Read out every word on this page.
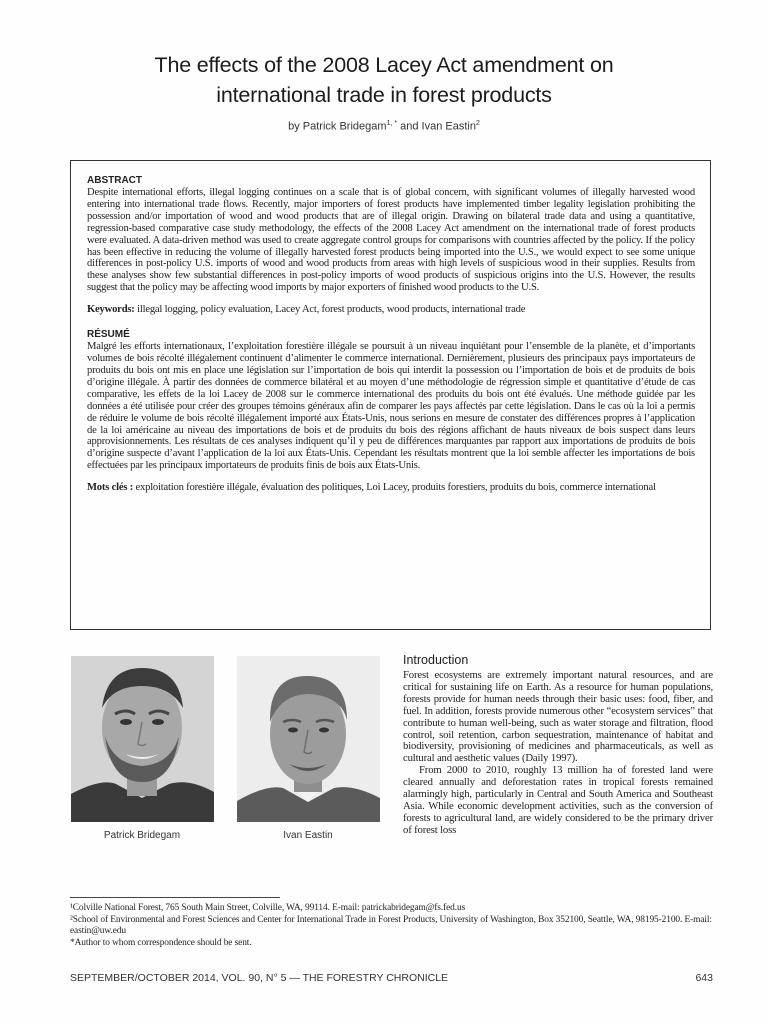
The effects of the 2008 Lacey Act amendment on
international trade in forest products
by Patrick Bridegam$^{1, *}$ and Ivan Eastin$^2$
ABSTRACT

Despite international efforts, illegal logging continues on a scale that is of global concern, with significant volumes of illegally harvested wood entering into international trade flows. Recently, major importers of forest products have implemented timber legality legislation prohibiting the possession and/or importation of wood and wood products that are of illegal origin. Drawing on bilateral trade data and using a quantitative, regression-based comparative case study methodology, the effects of the 2008 Lacey Act amendment on the international trade of forest products were evaluated. A data-driven method was used to create aggregate control groups for comparisons with countries affected by the policy. If the policy has been effective in reducing the volume of illegally harvested forest products being imported into the U.S., we would expect to see some unique differences in post-policy U.S. imports of wood and wood products from areas with high levels of suspicious wood in their supplies. Results from these analyses show few substantial differences in post-policy imports of wood products of suspicious origins into the U.S. However, the results suggest that the policy may be affecting wood imports by major exporters of finished wood products to the U.S.

Keywords: illegal logging, policy evaluation, Lacey Act, forest products, wood products, international trade
RÉSUMÉ

Malgré les efforts internationaux, l’exploitation forestière illégale se poursuit à un niveau inquiétant pour l’ensemble de la planète, et d’importants volumes de bois récolté illégalement continuent d’alimenter le commerce international. Dernièrement, plusieurs des principaux pays importateurs de produits du bois ont mis en place une législation sur l’importation de bois qui interdit la possession ou l’importation de bois et de produits de bois d’origine illégale. À partir des données de commerce bilatéral et au moyen d’une méthodologie de régression simple et quantitative d’étude de cas comparative, les effets de la loi Lacey de 2008 sur le commerce international des produits du bois ont été évalués. Une méthode guidée par les données a été utilisée pour créer des groupes témoins généraux afin de comparer les pays affectés par cette législation. Dans le cas où la loi a permis de réduire le volume de bois récolté illégalement importé aux États-Unis, nous serions en mesure de constater des différences propres à l’application de la loi américaine au niveau des importations de bois et de produits du bois des régions affichant de hauts niveaux de bois suspect dans leurs approvisionnements. Les résultats de ces analyses indiquent qu’il y peu de différences marquantes par rapport aux importations de produits de bois d’origine suspecte d’avant l’application de la loi aux États-Unis. Cependant les résultats montrent que la loi semble affecter les importations de bois effectuées par les principaux importateurs de produits finis de bois aux États-Unis.

Mots clés : exploitation forestière illégale, évaluation des politiques, Loi Lacey, produits forestiers, produits du bois, commerce international
Patrick Bridegam	Ivan Eastin
Introduction

Forest ecosystems are extremely important natural resources, and are critical for sustaining life on Earth. As a resource for human populations, forests provide for human needs through their basic uses: food, fiber, and fuel. In addition, forests provide numerous other “ecosystem services” that contribute to human well-being, such as water storage and filtration, flood control, soil retention, carbon sequestration, maintenance of habitat and biodiversity, provisioning of medicines and pharmaceuticals, as well as cultural and aesthetic values (Daily 1997).

From 2000 to 2010, roughly 13 million ha of forested land were cleared annually and deforestation rates in tropical forests remained alarmingly high, particularly in Central and South America and Southeast Asia. While economic development activities, such as the conversion of forests to agricultural land, are widely considered to be the primary driver of forest loss

¹Colville National Forest, 765 South Main Street, Colville, WA, 99114. E-mail: patrickabridegam@fs.fed.us
²School of Environmental and Forest Sciences and Center for International Trade in Forest Products, University of Washington, Box 352100, Seattle, WA, 98195-2100. E-mail: eastin@uw.edu
*Author to whom correspondence should be sent.
SEPTEMBER/OCTOBER 2014, VOL. 90, N° 5 — THE FORESTRY CHRONICLE	643
